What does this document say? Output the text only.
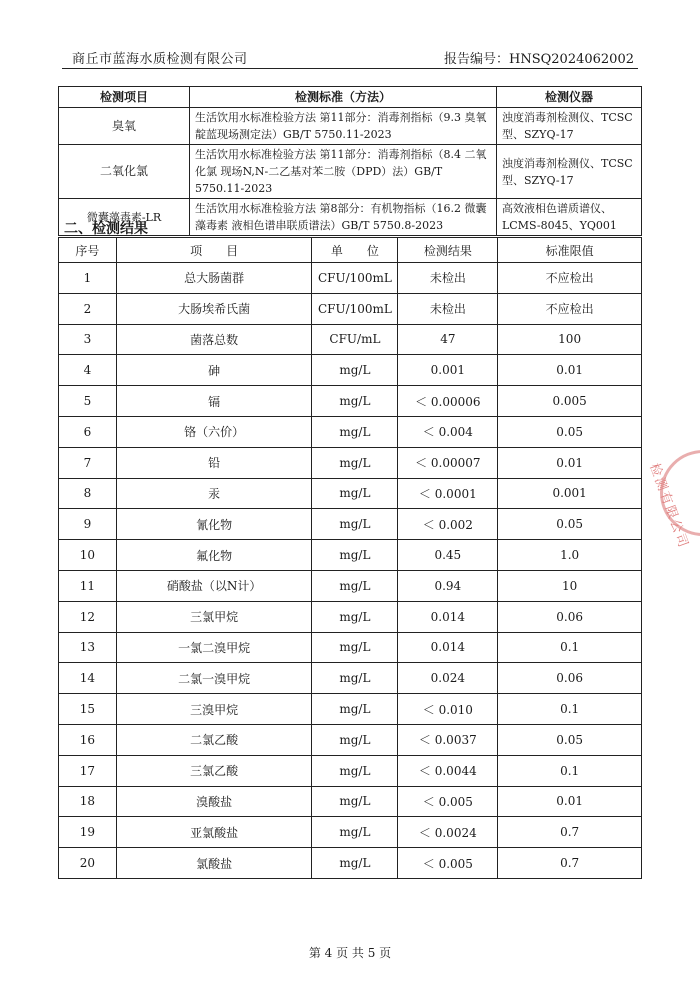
商丘市蓝海水质检测有限公司	报告编号：HNSQ2024062002
检测项目	检测标准（方法）	检测仪器
臭氧	生活饮用水标准检验方法 第11部分：消毒剂指标（9.3 臭氧 靛蓝现场测定法）GB/T 5750.11-2023	浊度消毒剂检测仪、TCSC型、SZYQ-17
二氧化氯	生活饮用水标准检验方法 第11部分：消毒剂指标（8.4 二氧化氯 现场N,N-二乙基对苯二胺（DPD）法）GB/T 5750.11-2023	浊度消毒剂检测仪、TCSC型、SZYQ-17
微囊藻毒素-LR	生活饮用水标准检验方法 第8部分：有机物指标（16.2 微囊藻毒素 液相色谱串联质谱法）GB/T 5750.8-2023	高效液相色谱质谱仪、LCMS-8045、YQ001
二、检测结果
序号	项　　目	单　　位	检测结果	标准限值
1	总大肠菌群	CFU/100mL	未检出	不应检出
2	大肠埃希氏菌	CFU/100mL	未检出	不应检出
3	菌落总数	CFU/mL	47	100
4	砷	mg/L	0.001	0.01
5	镉	mg/L	＜ 0.00006	0.005
6	铬（六价）	mg/L	＜ 0.004	0.05
7	铅	mg/L	＜ 0.00007	0.01
8	汞	mg/L	＜ 0.0001	0.001
9	氰化物	mg/L	＜ 0.002	0.05
10	氟化物	mg/L	0.45	1.0
11	硝酸盐（以N计）	mg/L	0.94	10
12	三氯甲烷	mg/L	0.014	0.06
13	一氯二溴甲烷	mg/L	0.014	0.1
14	二氯一溴甲烷	mg/L	0.024	0.06
15	三溴甲烷	mg/L	＜ 0.010	0.1
16	二氯乙酸	mg/L	＜ 0.0037	0.05
17	三氯乙酸	mg/L	＜ 0.0044	0.1
18	溴酸盐	mg/L	＜ 0.005	0.01
19	亚氯酸盐	mg/L	＜ 0.0024	0.7
20	氯酸盐	mg/L	＜ 0.005	0.7
第 4 页 共 5 页
检测有限公司
